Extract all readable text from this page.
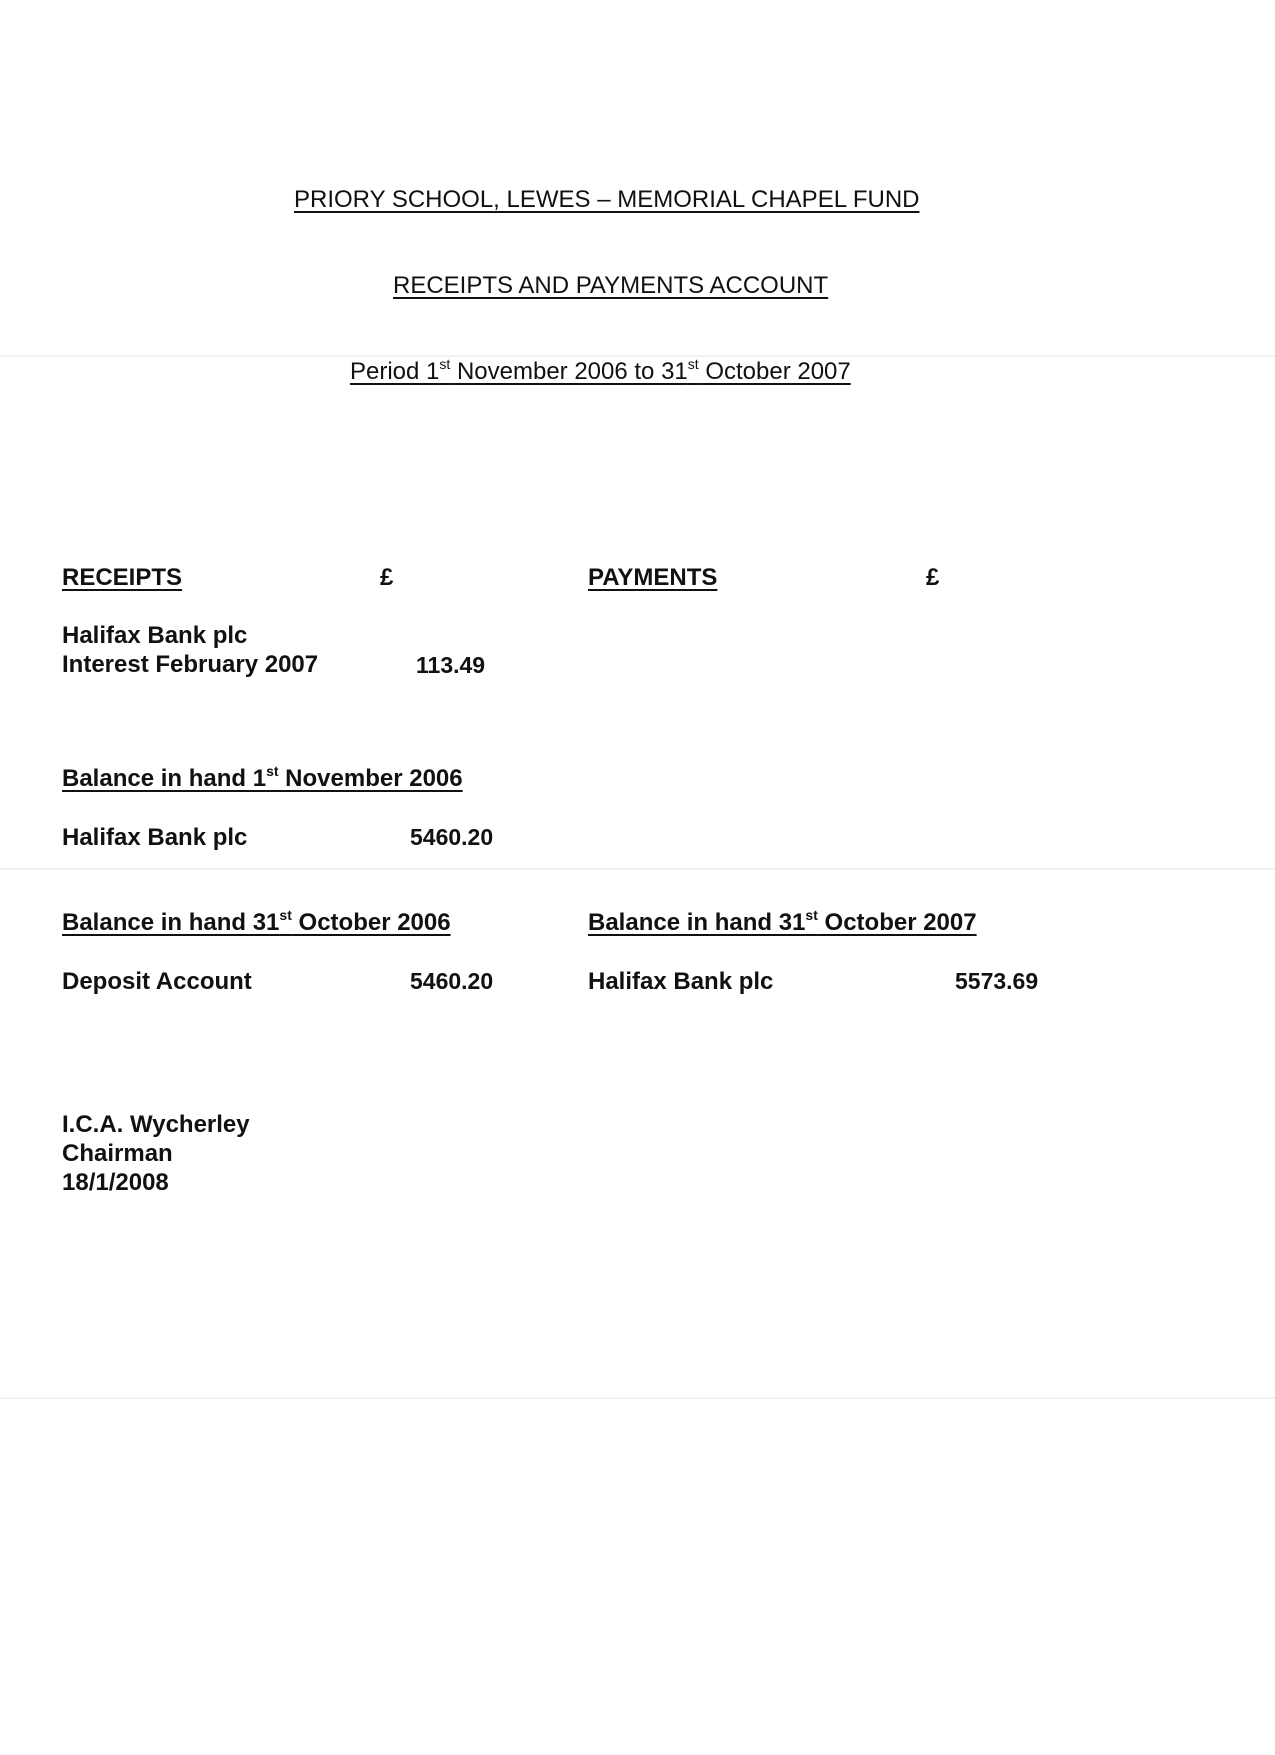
PRIORY SCHOOL, LEWES – MEMORIAL CHAPEL FUND
RECEIPTS AND PAYMENTS ACCOUNT
Period 1st November 2006 to 31st October 2007
RECEIPTS	£	PAYMENTS	£
Halifax Bank plc
Interest February 2007	113.49
Balance in hand 1st November 2006
Halifax Bank plc	5460.20
Balance in hand 31st October 2006
Deposit Account	5460.20
Balance in hand 31st October 2007
Halifax Bank plc	5573.69
I.C.A. Wycherley
Chairman
18/1/2008
